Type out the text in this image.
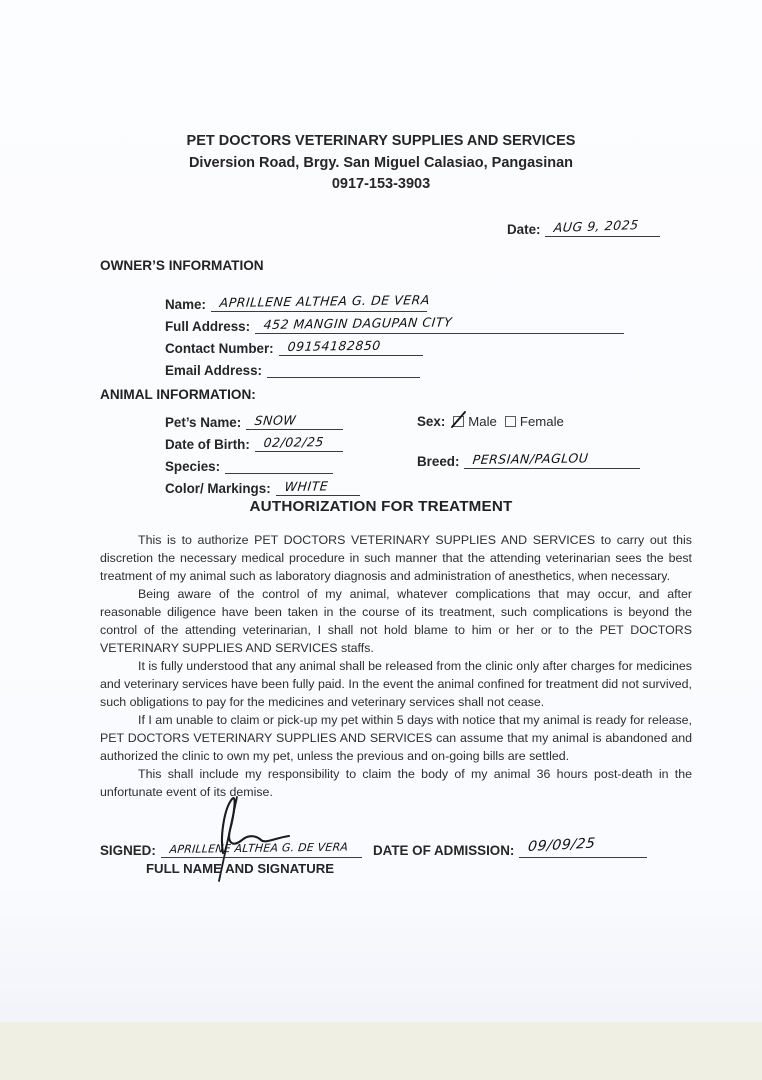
PET DOCTORS VETERINARY SUPPLIES AND SERVICES
Diversion Road, Brgy. San Miguel Calasiao, Pangasinan
0917-153-3903
Date: AUG 9, 2025
OWNER’S INFORMATION
Name: APRILLENE ALTHEA G. DE VERA
Full Address: 452 MANGIN DAGUPAN CITY
Contact Number: 09154182850
Email Address:
ANIMAL INFORMATION:
Pet’s Name: SNOW
Date of Birth: 02/02/25
Species:
Color/ Markings: WHITE
Sex: Male Female
Breed: PERSIAN/PAGLOU
AUTHORIZATION FOR TREATMENT

This is to authorize PET DOCTORS VETERINARY SUPPLIES AND SERVICES to carry out this discretion the necessary medical procedure in such manner that the attending veterinarian sees the best treatment of my animal such as laboratory diagnosis and administration of anesthetics, when necessary.

Being aware of the control of my animal, whatever complications that may occur, and after reasonable diligence have been taken in the course of its treatment, such complications is beyond the control of the attending veterinarian, I shall not hold blame to him or her or to the PET DOCTORS VETERINARY SUPPLIES AND SERVICES staffs.

It is fully understood that any animal shall be released from the clinic only after charges for medicines and veterinary services have been fully paid. In the event the animal confined for treatment did not survived, such obligations to pay for the medicines and veterinary services shall not cease.

If I am unable to claim or pick-up my pet within 5 days with notice that my animal is ready for release, PET DOCTORS VETERINARY SUPPLIES AND SERVICES can assume that my animal is abandoned and authorized the clinic to own my pet, unless the previous and on-going bills are settled.

This shall include my responsibility to claim the body of my animal 36 hours post-death in the unfortunate event of its demise.

SIGNED: APRILLENE ALTHEA G. DE VERA
FULL NAME AND SIGNATURE
DATE OF ADMISSION: 09/09/25
